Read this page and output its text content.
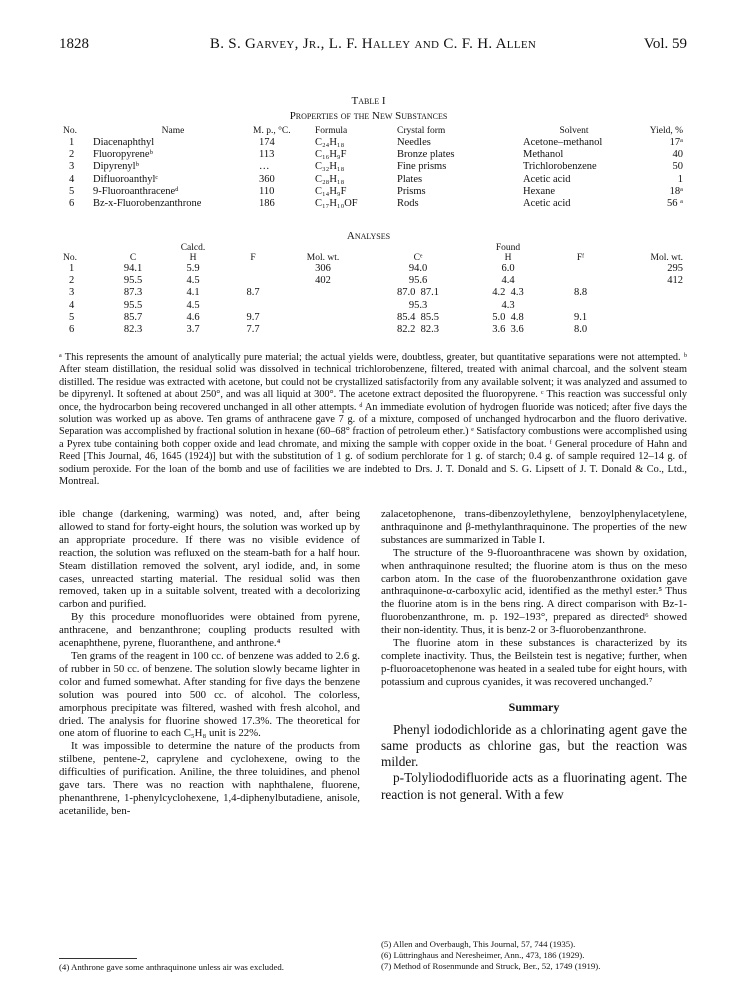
1828	B. S. Garvey, Jr., L. F. Halley and C. F. H. Allen	Vol. 59
Table I
Properties of the New Substances
No.	Name	M. p., °C.	Formula	Crystal form	Solvent	Yield, %
1	Diacenaphthyl	174	C₂₄H₁₈	Needles	Acetone–methanol	17ᵃ
2	Fluoropyreneᵇ	113	C₁₆H₉F	Bronze plates	Methanol	40
3	Dipyrenylᵇ	…	C₃₂H₁₈	Fine prisms	Trichlorobenzene	50
4	Difluoroanthylᶜ	360	C₂₈H₁₈	Plates	Acetic acid	1
5	9-Fluoroanthraceneᵈ	110	C₁₄H₉F	Prisms	Hexane	18ᵃ
6	Bz-x-Fluorobenzanthrone	186	C₁₇H₁₀OF	Rods	Acetic acid	56 ᵃ
Analyses
		Calcd.				Found		
No.	C	H	F	Mol. wt.	Cᵉ	H	Fᶠ	Mol. wt.
1	94.1	5.9		306	94.0	6.0		295
2	95.5	4.5		402	95.6	4.4		412
3	87.3	4.1	8.7		87.0  87.1	4.2  4.3	8.8	
4	95.5	4.5			95.3	4.3		
5	85.7	4.6	9.7		85.4  85.5	5.0  4.8	9.1	
6	82.3	3.7	7.7		82.2  82.3	3.6  3.6	8.0	
ᵃ This represents the amount of analytically pure material; the actual yields were, doubtless, greater, but quantitative separations were not attempted. ᵇ After steam distillation, the residual solid was dissolved in technical trichlorobenzene, filtered, treated with animal charcoal, and the solvent steam distilled. The residue was extracted with acetone, but could not be crystallized satisfactorily from any available solvent; it was analyzed and assumed to be dipyrenyl. It softened at about 250°, and was all liquid at 300°. The acetone extract deposited the fluoropyrene. ᶜ This reaction was successful only once, the hydrocarbon being recovered unchanged in all other attempts. ᵈ An immediate evolution of hydrogen fluoride was noticed; after five days the solution was worked up as above. Ten grams of anthracene gave 7 g. of a mixture, composed of unchanged hydrocarbon and the fluoro derivative. Separation was accomplished by fractional solution in hexane (60–68° fraction of petroleum ether.) ᵉ Satisfactory combustions were accomplished using a Pyrex tube containing both copper oxide and lead chromate, and mixing the sample with copper oxide in the boat. ᶠ General procedure of Hahn and Reed [This Journal, 46, 1645 (1924)] but with the substitution of 1 g. of sodium perchlorate for 1 g. of starch; 0.4 g. of sample required 12–14 g. of sodium peroxide. For the loan of the bomb and use of facilities we are indebted to Drs. J. T. Donald and S. G. Lipsett of J. T. Donald & Co., Ltd., Montreal.

ible change (darkening, warming) was noted, and, after being allowed to stand for forty-eight hours, the solution was worked up by an appropriate procedure. If there was no visible evidence of reaction, the solution was refluxed on the steam-bath for a half hour. Steam distillation removed the solvent, aryl iodide, and, in some cases, unreacted starting material. The residual solid was then removed, taken up in a suitable solvent, treated with a decolorizing carbon and purified.

By this procedure monofluorides were obtained from pyrene, anthracene, and benzanthrone; coupling products resulted with acenaphthene, pyrene, fluoranthene, and anthrone.⁴

Ten grams of the reagent in 100 cc. of benzene was added to 2.6 g. of rubber in 50 cc. of benzene. The solution slowly became lighter in color and fumed somewhat. After standing for five days the benzene solution was poured into 500 cc. of alcohol. The colorless, amorphous precipitate was filtered, washed with fresh alcohol, and dried. The analysis for fluorine showed 17.3%. The theoretical for one atom of fluorine to each C₅H₈ unit is 22%.

It was impossible to determine the nature of the products from stilbene, pentene-2, caprylene and cyclohexene, owing to the difficulties of purification. Aniline, the three toluidines, and phenol gave tars. There was no reaction with naphthalene, fluorene, phenanthrene, 1-phenylcyclohexene, 1,4-diphenylbutadiene, anisole, acetanilide, ben-

zalacetophenone, trans-dibenzoylethylene, benzoylphenylacetylene, anthraquinone and β-methylanthraquinone. The properties of the new substances are summarized in Table I.

The structure of the 9-fluoroanthracene was shown by oxidation, when anthraquinone resulted; the fluorine atom is thus on the meso carbon atom. In the case of the fluorobenzanthrone oxidation gave anthraquinone-α-carboxylic acid, identified as the methyl ester.⁵ Thus the fluorine atom is in the bens ring. A direct comparison with Bz-1-fluorobenzanthrone, m. p. 192–193°, prepared as directed⁶ showed their non-identity. Thus, it is benz-2 or 3-fluorobenzanthrone.

The fluorine atom in these substances is characterized by its complete inactivity. Thus, the Beilstein test is negative; further, when p-fluoroacetophenone was heated in a sealed tube for eight hours, with potassium and cuprous cyanides, it was recovered unchanged.⁷

Summary

Phenyl iododichloride as a chlorinating agent gave the same products as chlorine gas, but the reaction was milder.

p-Tolyliododifluoride acts as a fluorinating agent. The reaction is not general. With a few

(4) Anthrone gave some anthraquinone unless air was excluded.
(5) Allen and Overbaugh, This Journal, 57, 744 (1935).
(6) Lüttringhaus and Neresheimer, Ann., 473, 186 (1929).
(7) Method of Rosenmunde and Struck, Ber., 52, 1749 (1919).
